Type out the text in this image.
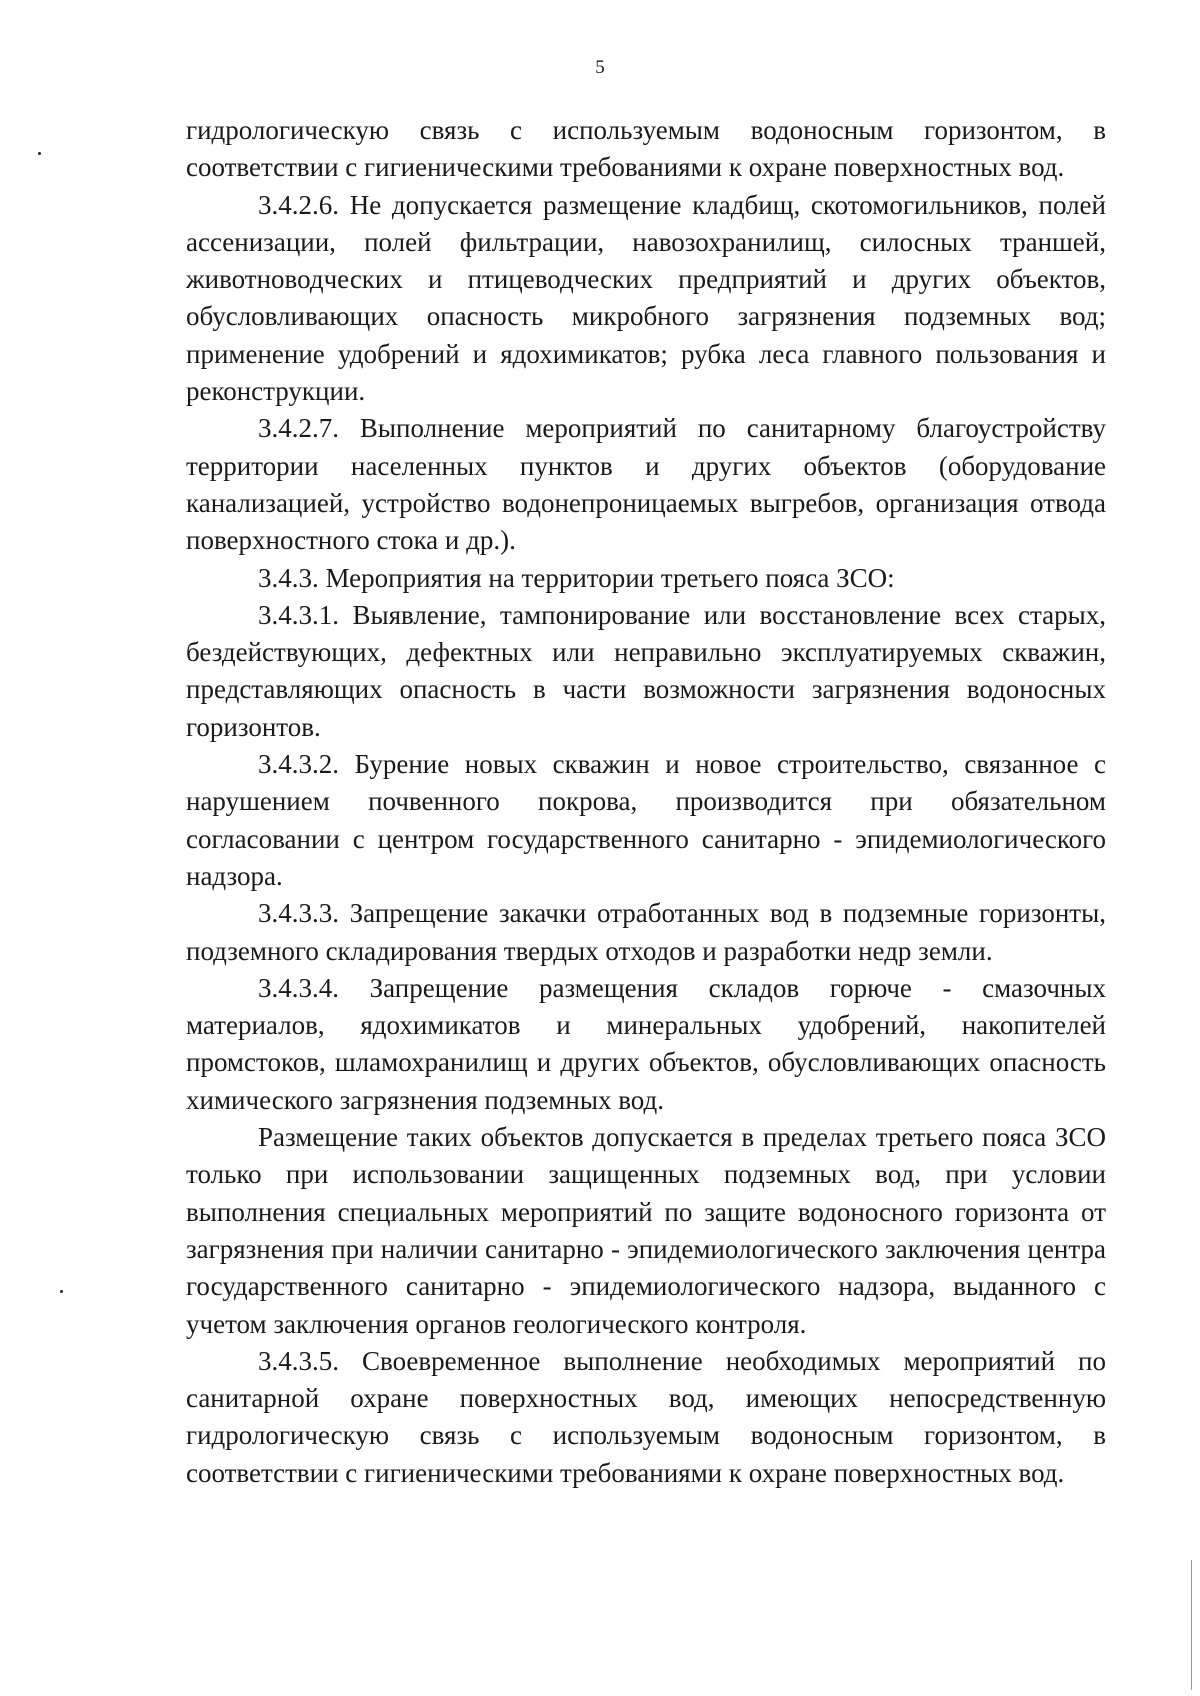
5

гидрологическую связь с используемым водоносным горизонтом, в соответствии с гигиеническими требованиями к охране поверхностных вод.

3.4.2.6. Не допускается размещение кладбищ, скотомогильников, полей ассенизации, полей фильтрации, навозохранилищ, силосных траншей, животноводческих и птицеводческих предприятий и других объектов, обусловливающих опасность микробного загрязнения подземных вод; применение удобрений и ядохимикатов; рубка леса главного пользования и реконструкции.

3.4.2.7. Выполнение мероприятий по санитарному благоустройству территории населенных пунктов и других объектов (оборудование канализацией, устройство водонепроницаемых выгребов, организация отвода поверхностного стока и др.).

3.4.3. Мероприятия на территории третьего пояса ЗСО:

3.4.3.1. Выявление, тампонирование или восстановление всех старых, бездействующих, дефектных или неправильно эксплуатируемых скважин, представляющих опасность в части возможности загрязнения водоносных горизонтов.

3.4.3.2. Бурение новых скважин и новое строительство, связанное с нарушением почвенного покрова, производится при обязательном согласовании с центром государственного санитарно - эпидемиологического надзора.

3.4.3.3. Запрещение закачки отработанных вод в подземные горизонты, подземного складирования твердых отходов и разработки недр земли.

3.4.3.4. Запрещение размещения складов горюче - смазочных материалов, ядохимикатов и минеральных удобрений, накопителей промстоков, шламохранилищ и других объектов, обусловливающих опасность химического загрязнения подземных вод.

Размещение таких объектов допускается в пределах третьего пояса ЗСО только при использовании защищенных подземных вод, при условии выполнения специальных мероприятий по защите водоносного горизонта от загрязнения при наличии санитарно - эпидемиологического заключения центра государственного санитарно - эпидемиологического надзора, выданного с учетом заключения органов геологического контроля.

3.4.3.5. Своевременное выполнение необходимых мероприятий по санитарной охране поверхностных вод, имеющих непосредственную гидрологическую связь с используемым водоносным горизонтом, в соответствии с гигиеническими требованиями к охране поверхностных вод.
